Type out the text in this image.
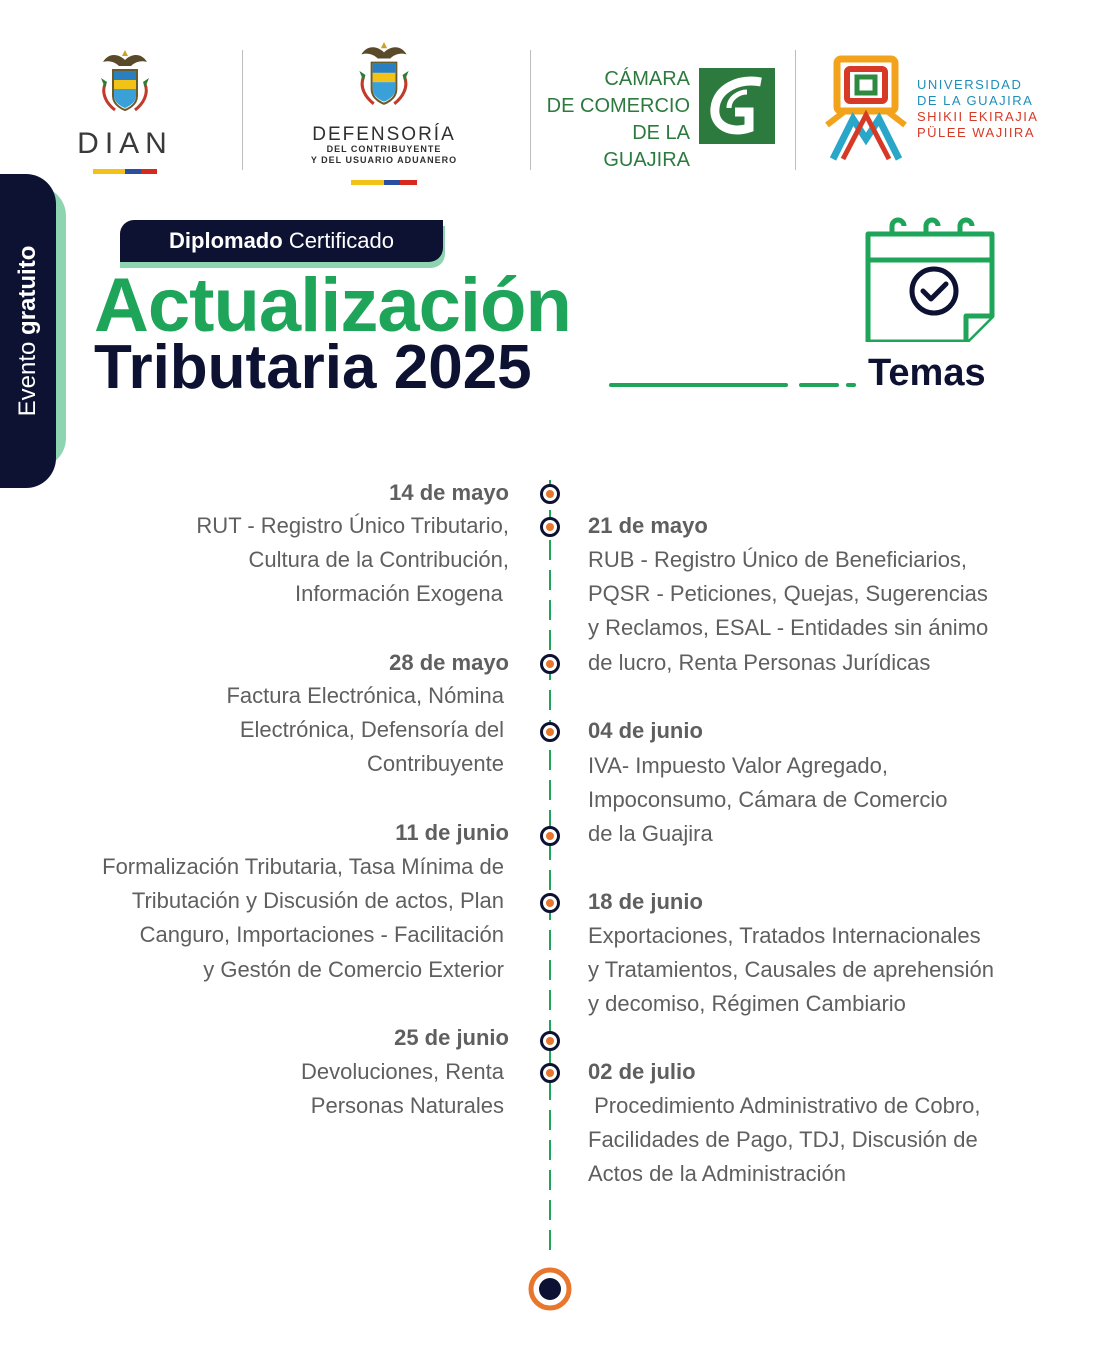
DIAN	DEFENSORÍA
DEL CONTRIBUYENTE
Y DEL USUARIO ADUANERO
CÁMARA
DE COMERCIO
DE LA GUAJIRA
UNIVERSIDAD
DE LA GUAJIRA
SHIKII EKIRAJIA
PÜLEE WAJIIRA
Evento gratuito
Diplomado Certificado
Actualización
Tributaria 2025	Temas
14 de mayo
RUT - Registro Único Tributario,
Cultura de la Contribución,
Información Exogena
21 de mayo
RUB - Registro Único de Beneficiarios,
PQSR - Peticiones, Quejas, Sugerencias
y Reclamos, ESAL - Entidades sin ánimo
de lucro, Renta Personas Jurídicas
28 de mayo
Factura Electrónica, Nómina
Electrónica, Defensoría del
Contribuyente
04 de junio
IVA- Impuesto Valor Agregado,
Impoconsumo, Cámara de Comercio
de la Guajira
11 de junio
Formalización Tributaria, Tasa Mínima de
Tributación y Discusión de actos, Plan
Canguro, Importaciones - Facilitación
y Gestón de Comercio Exterior
18 de junio
Exportaciones, Tratados Internacionales
y Tratamientos, Causales de aprehensión
y decomiso, Régimen Cambiario
25 de junio
Devoluciones, Renta
Personas Naturales
02 de julio
Procedimiento Administrativo de Cobro,
Facilidades de Pago, TDJ, Discusión de
Actos de la Administración
